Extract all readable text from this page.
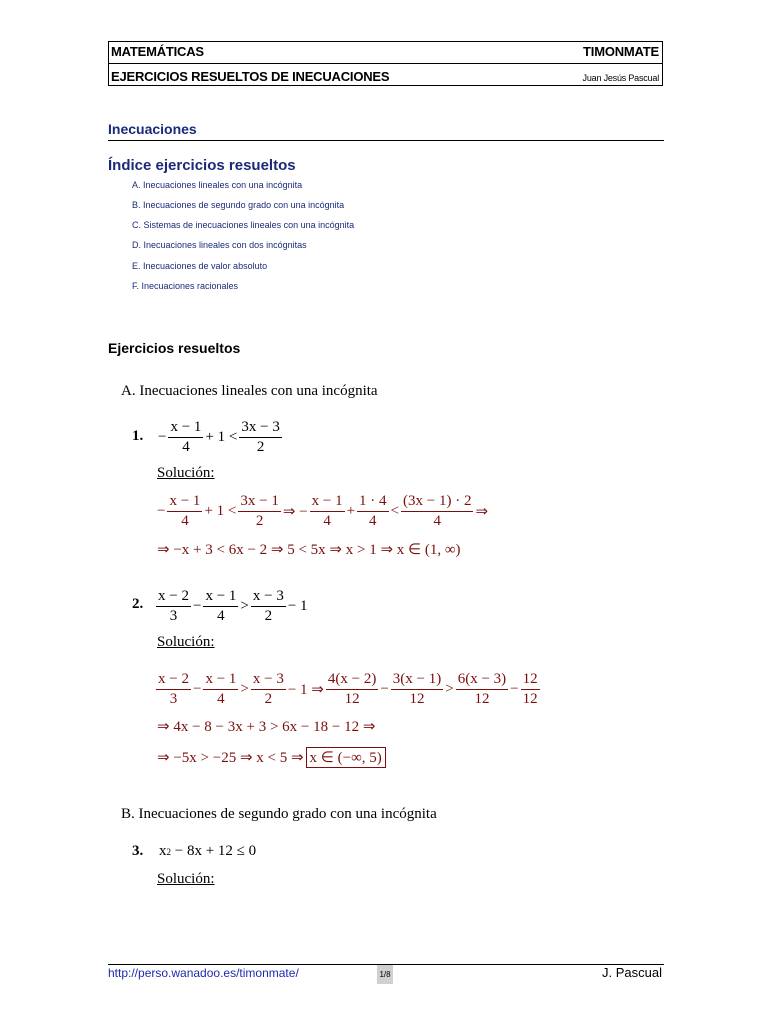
MATEMÁTICAS	TIMONMATE
EJERCICIOS RESUELTOS DE INECUACIONES	Juan Jesús Pascual
Inecuaciones
Índice ejercicios resueltos
A. Inecuaciones lineales con una incógnita
B. Inecuaciones de segundo grado con una incógnita
C. Sistemas de inecuaciones lineales con una incógnita
D. Inecuaciones lineales con dos incógnitas
E. Inecuaciones de valor absoluto
F. Inecuaciones racionales
Ejercicios resueltos
A. Inecuaciones lineales con una incógnita
1. − $\frac{x - 1}{4} + 1 < \frac{3x - 3}{2}$
Solución:
− $\frac{x - 1}{4} + 1 < \frac{3x - 1}{2}$ ⇒ − $\frac{x - 1}{4} + \frac{1 \cdot 4}{4} < \frac{(3x - 1) \cdot 2}{4}$ ⇒
⇒ −x + 3 < 6x − 2 ⇒ 5 < 5x ⇒ x > 1 ⇒ x ∈ (1, ∞)
2. $\frac{x - 2}{3} - \frac{x - 1}{4} > \frac{x - 3}{2} - 1$
Solución:
$\frac{x - 2}{3} - \frac{x - 1}{4} > \frac{x - 3}{2} - 1$ ⇒ $\frac{4(x - 2)}{12} - \frac{3(x - 1)}{12} > \frac{6(x - 3)}{12} - \frac{12}{12}$
⇒ 4x − 8 − 3x + 3 > 6x − 18 − 12 ⇒
⇒ −5x > −25 ⇒ x < 5 ⇒ x ∈ (−∞, 5)
B. Inecuaciones de segundo grado con una incógnita
3. x 2 − 8x + 12 ≤ 0
Solución:
http://perso.wanadoo.es/timonmate/	1/8	J. Pascual
